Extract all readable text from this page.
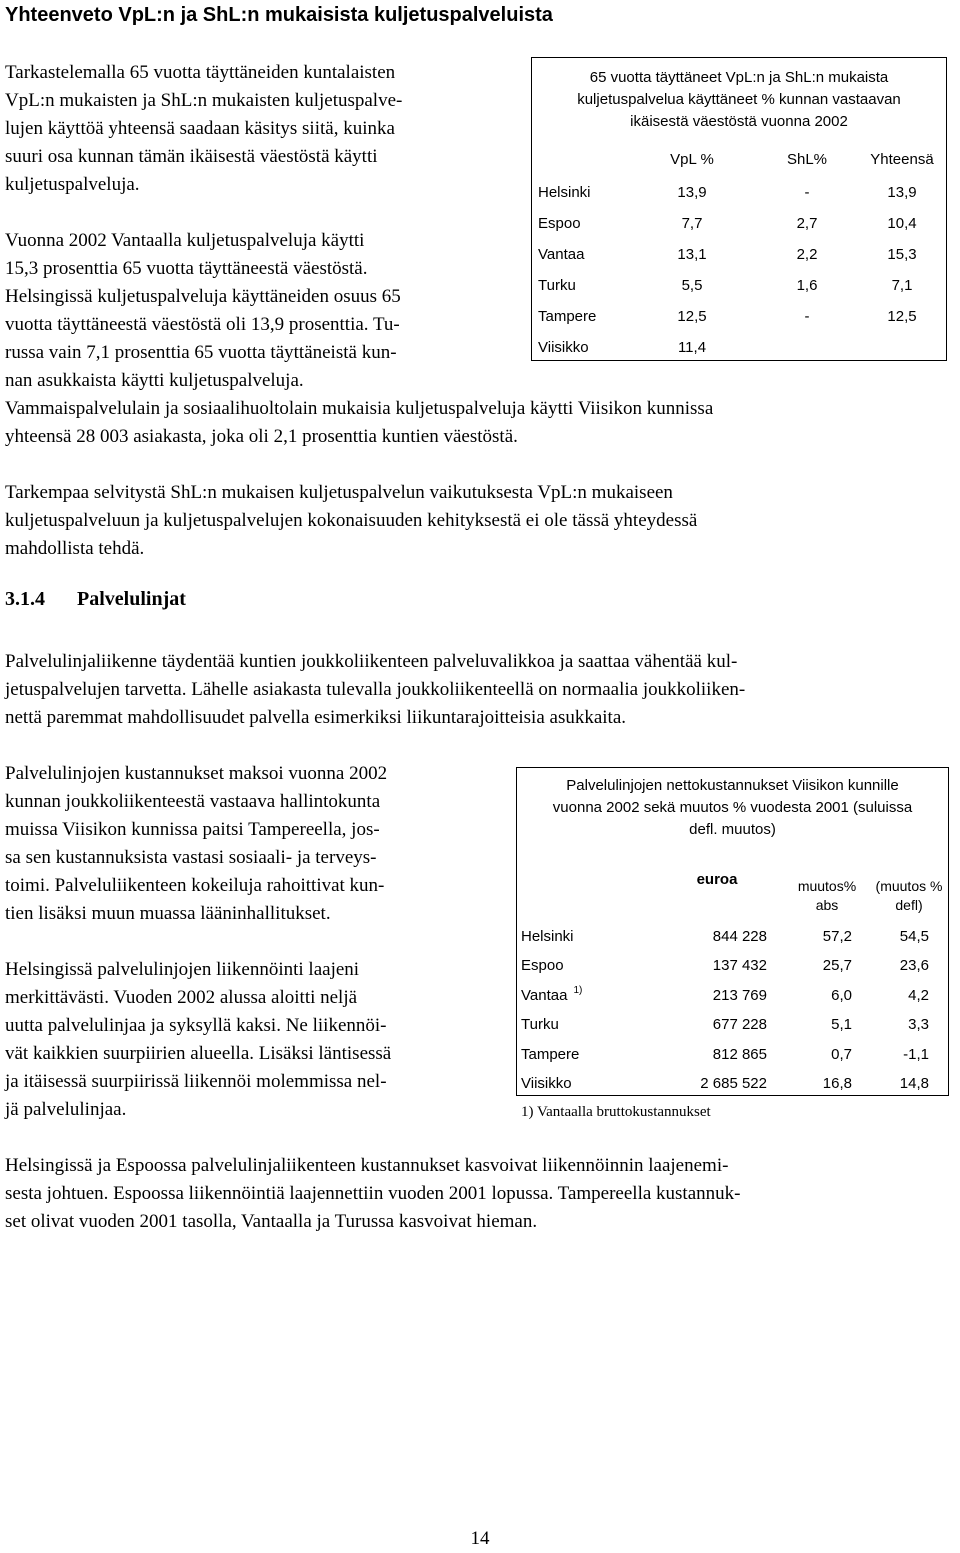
Yhteenveto VpL:n ja ShL:n mukaisista kuljetuspalveluista
Tarkastelemalla 65 vuotta täyttäneiden kuntalaisten
VpL:n mukaisten ja ShL:n mukaisten kuljetuspalve-
lujen käyttöä yhteensä saadaan käsitys siitä, kuinka
suuri osa kunnan tämän ikäisestä väestöstä käytti
kuljetuspalveluja.
Vuonna 2002 Vantaalla kuljetuspalveluja käytti
15,3 prosenttia 65 vuotta täyttäneestä väestöstä.
Helsingissä kuljetuspalveluja käyttäneiden osuus 65
vuotta täyttäneestä väestöstä oli 13,9 prosenttia. Tu-
russa vain 7,1 prosenttia 65 vuotta täyttäneistä kun-
nan asukkaista käytti kuljetuspalveluja.
Vammaispalvelulain ja sosiaalihuoltolain mukaisia kuljetuspalveluja käytti Viisikon kunnissa
yhteensä 28 003 asiakasta, joka oli 2,1 prosenttia kuntien väestöstä.
Tarkempaa selvitystä ShL:n mukaisen kuljetuspalvelun vaikutuksesta VpL:n mukaiseen
kuljetuspalveluun ja kuljetuspalvelujen kokonaisuuden kehityksestä ei ole tässä yhteydessä
mahdollista tehdä.
3.1.4 Palvelulinjat
Palvelulinjaliikenne täydentää kuntien joukkoliikenteen palveluvalikkoa ja saattaa vähentää kul-
jetuspalvelujen tarvetta. Lähelle asiakasta tulevalla joukkoliikenteellä on normaalia joukkoliiken-
nettä paremmat mahdollisuudet palvella esimerkiksi liikuntarajoitteisia asukkaita.
Palvelulinjojen kustannukset maksoi vuonna 2002
kunnan joukkoliikenteestä vastaava hallintokunta
muissa Viisikon kunnissa paitsi Tampereella, jos-
sa sen kustannuksista vastasi sosiaali- ja terveys-
toimi. Palveluliikenteen kokeiluja rahoittivat kun-
tien lisäksi muun muassa lääninhallitukset.
Helsingissä palvelulinjojen liikennöinti laajeni
merkittävästi. Vuoden 2002 alussa aloitti neljä
uutta palvelulinjaa ja syksyllä kaksi. Ne liikennöi-
vät kaikkien suurpiirien alueella. Lisäksi läntisessä
ja itäisessä suurpiirissä liikennöi molemmissa nel-
jä palvelulinjaa.
Helsingissä ja Espoossa palvelulinjaliikenteen kustannukset kasvoivat liikennöinnin laajenemi-
sesta johtuen. Espoossa liikennöintiä laajennettiin vuoden 2001 lopussa. Tampereella kustannuk-
set olivat vuoden 2001 tasolla, Vantaalla ja Turussa kasvoivat hieman.
65 vuotta täyttäneet VpL:n ja ShL:n mukaista
kuljetuspalvelua käyttäneet % kunnan vastaavan
ikäisestä väestöstä vuonna 2002
VpL %	ShL%	Yhteensä
Helsinki	13,9	-	13,9
Espoo	7,7	2,7	10,4
Vantaa	13,1	2,2	15,3
Turku	5,5	1,6	7,1
Tampere	12,5	-	12,5
Viisikko	11,4
Palvelulinjojen nettokustannukset Viisikon kunnille
vuonna 2002 sekä muutos % vuodesta 2001 (suluissa
defl. muutos)
euroa	muutos%	(muutos %
abs	defl)
Helsinki	844 228	57,2	54,5
Espoo	137 432	25,7	23,6
Vantaa $^{1)}$	213 769	6,0	4,2
Turku	677 228	5,1	3,3
Tampere	812 865	0,7	-1,1
Viisikko	2 685 522	16,8	14,8
1) Vantaalla bruttokustannukset
14
